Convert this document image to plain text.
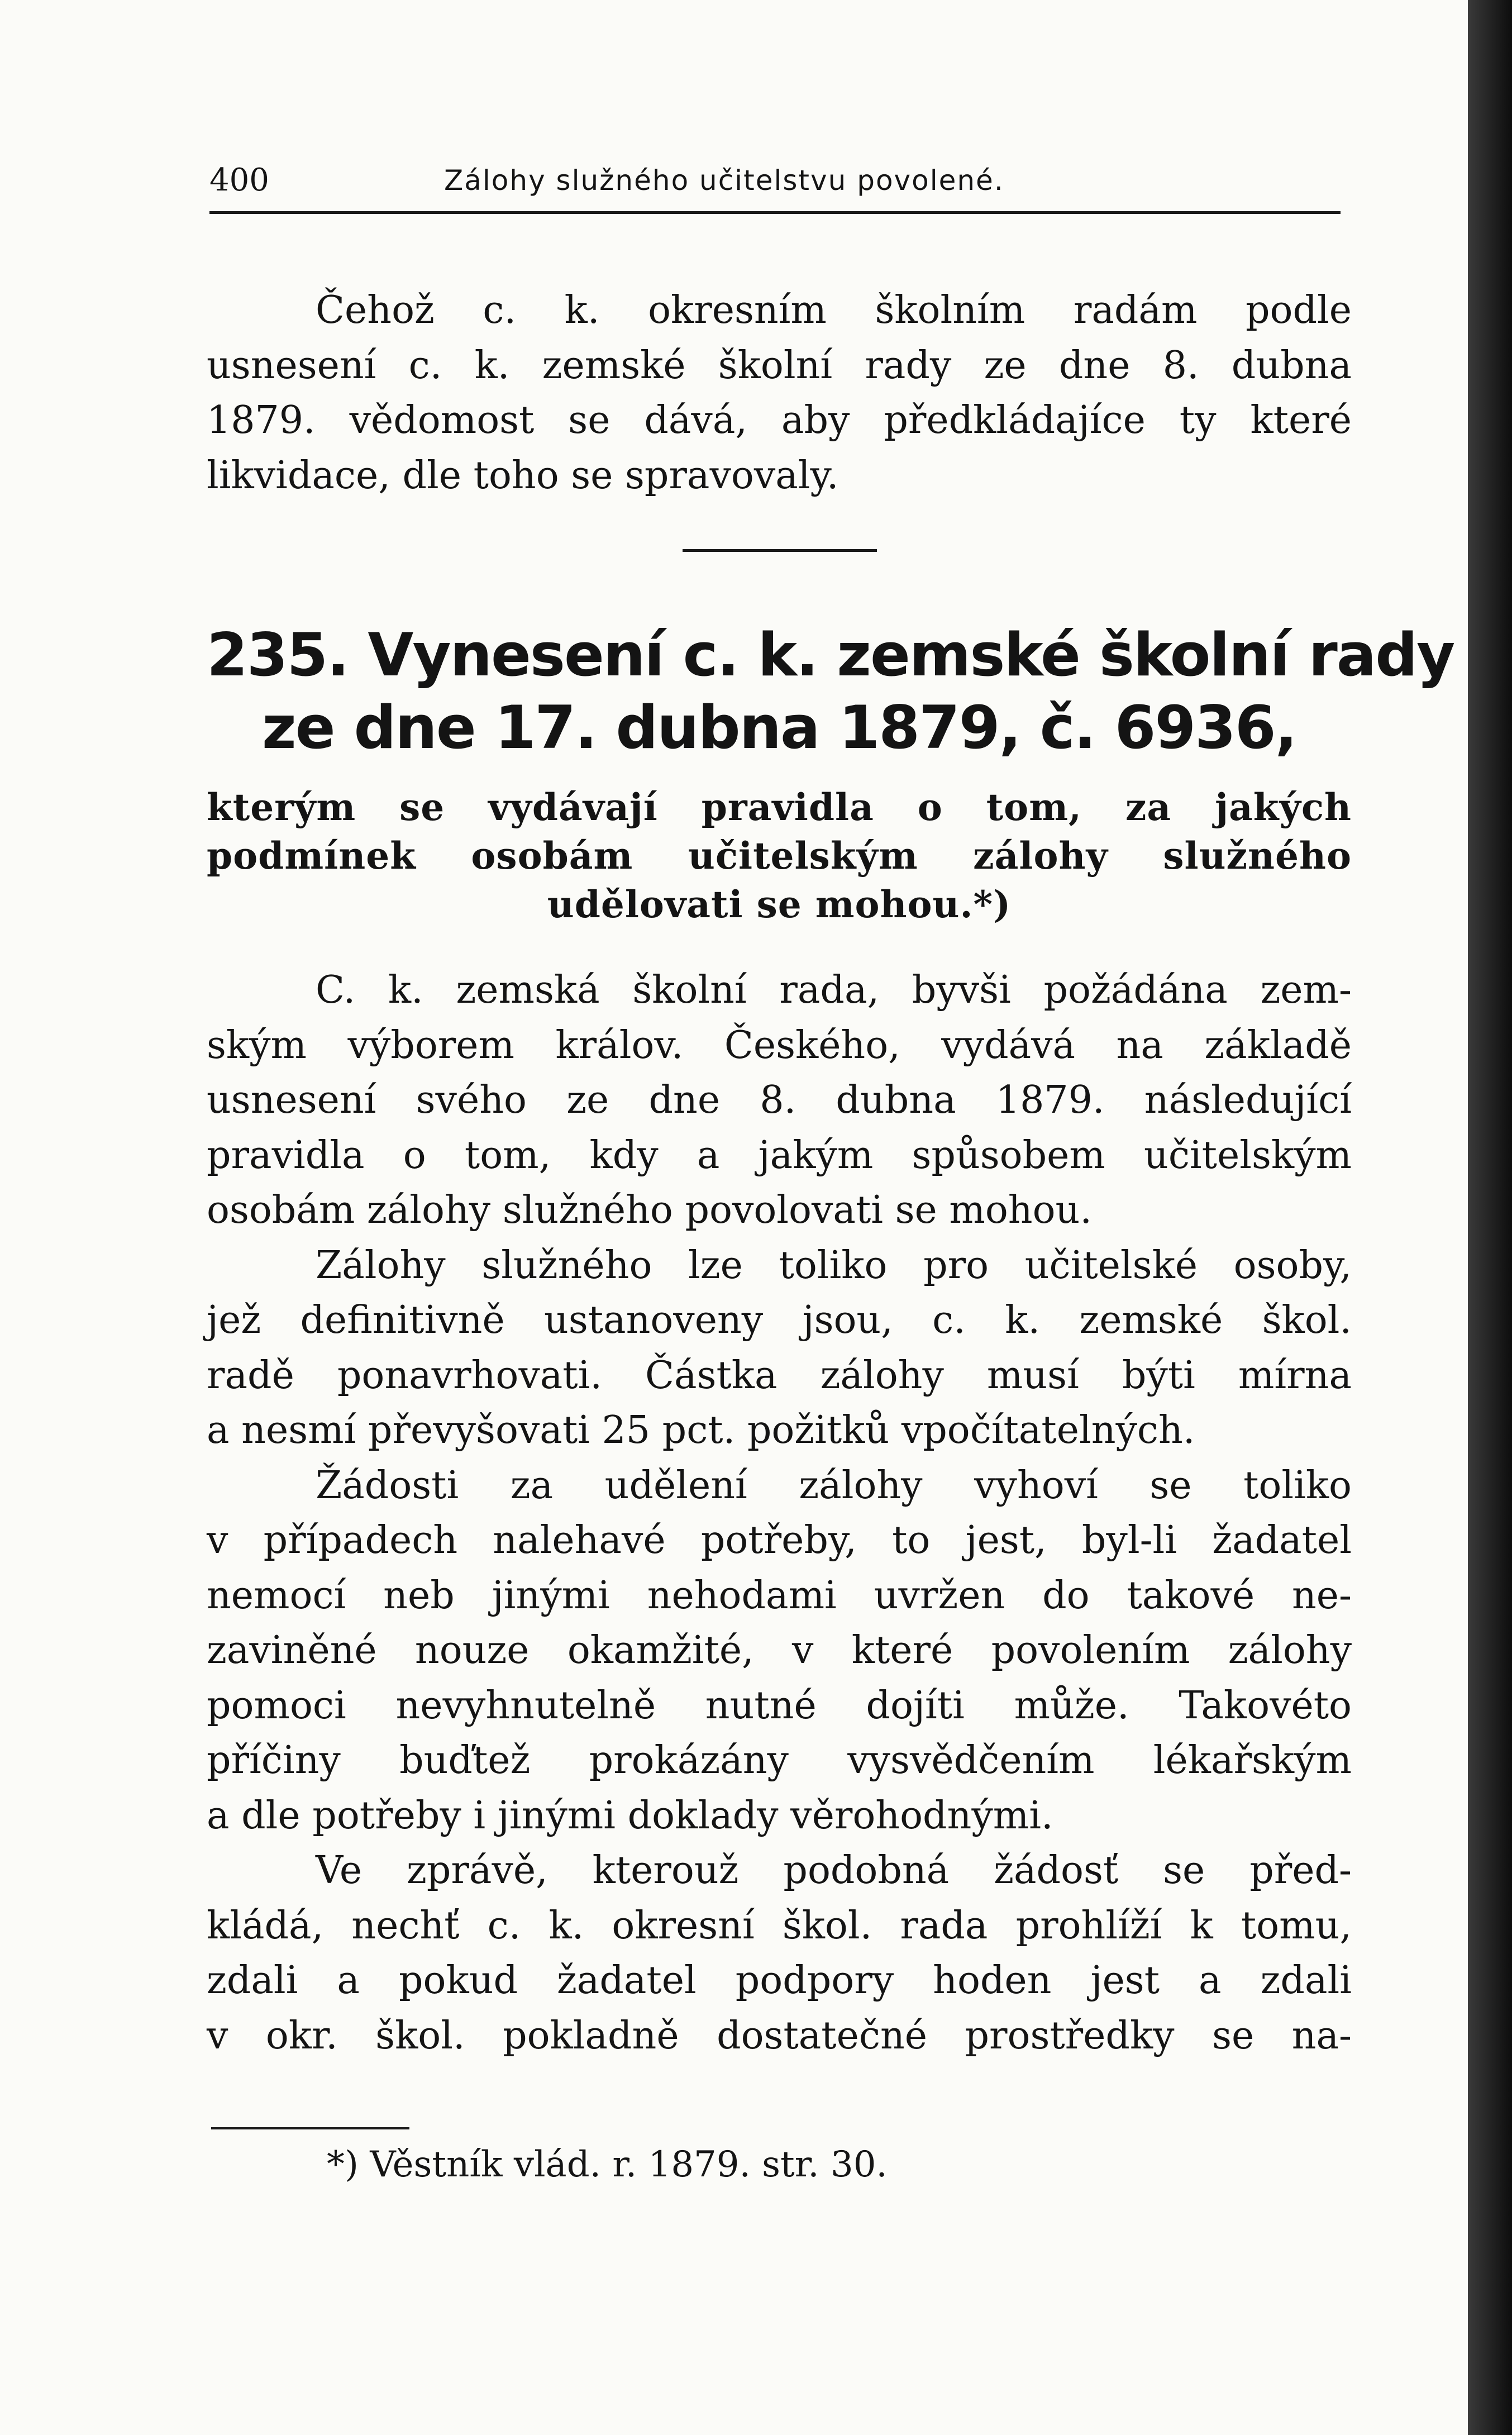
400	Zálohy služného učitelstvu povolené.
Čehož c. k. okresním školním radám podle
usnesení c. k. zemské školní rady ze dne 8. dubna
1879. vědomost se dává, aby předkládajíce ty které
likvidace, dle toho se spravovaly.
235. Vynesení c. k. zemské školní rady
ze dne 17. dubna 1879, č. 6936,
kterým se vydávají pravidla o tom, za jakých
podmínek osobám učitelským zálohy služného
udělovati se mohou.*)
C. k. zemská školní rada, byvši požádána zem-
ským výborem králov. Českého, vydává na základě
usnesení svého ze dne 8. dubna 1879. následující
pravidla o tom, kdy a jakým spůsobem učitelským
osobám zálohy služného povolovati se mohou.
Zálohy služného lze toliko pro učitelské osoby,
jež definitivně ustanoveny jsou, c. k. zemské škol.
radě ponavrhovati. Částka zálohy musí býti mírna
a nesmí převyšovati 25 pct. požitků vpočítatelných.
Žádosti za udělení zálohy vyhoví se toliko
v případech nalehavé potřeby, to jest, byl-li žadatel
nemocí neb jinými nehodami uvržen do takové ne-
zaviněné nouze okamžité, v které povolením zálohy
pomoci nevyhnutelně nutné dojíti může. Takovéto
příčiny buďtež prokázány vysvědčením lékařským
a dle potřeby i jinými doklady věrohodnými.
Ve zprávě, kterouž podobná žádosť se před-
kládá, nechť c. k. okresní škol. rada prohlíží k tomu,
zdali a pokud žadatel podpory hoden jest a zdali
v okr. škol. pokladně dostatečné prostředky se na-
*) Věstník vlád. r. 1879. str. 30.
